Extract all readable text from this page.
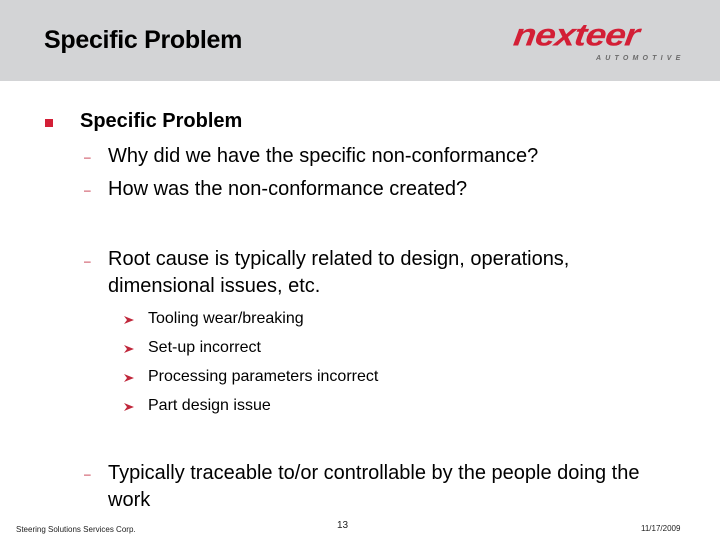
Specific Problem	nexteer
AUTOMOTIVE
Specific Problem
– Why did we have the specific non-conformance?
– How was the non-conformance created?
– Root cause is typically related to design, operations, dimensional issues, etc.
Tooling wear/breaking
Set-up incorrect
Processing parameters incorrect
Part design issue
– Typically traceable to/or controllable by the people doing the work
Steering Solutions Services Corp.	13	11/17/2009
